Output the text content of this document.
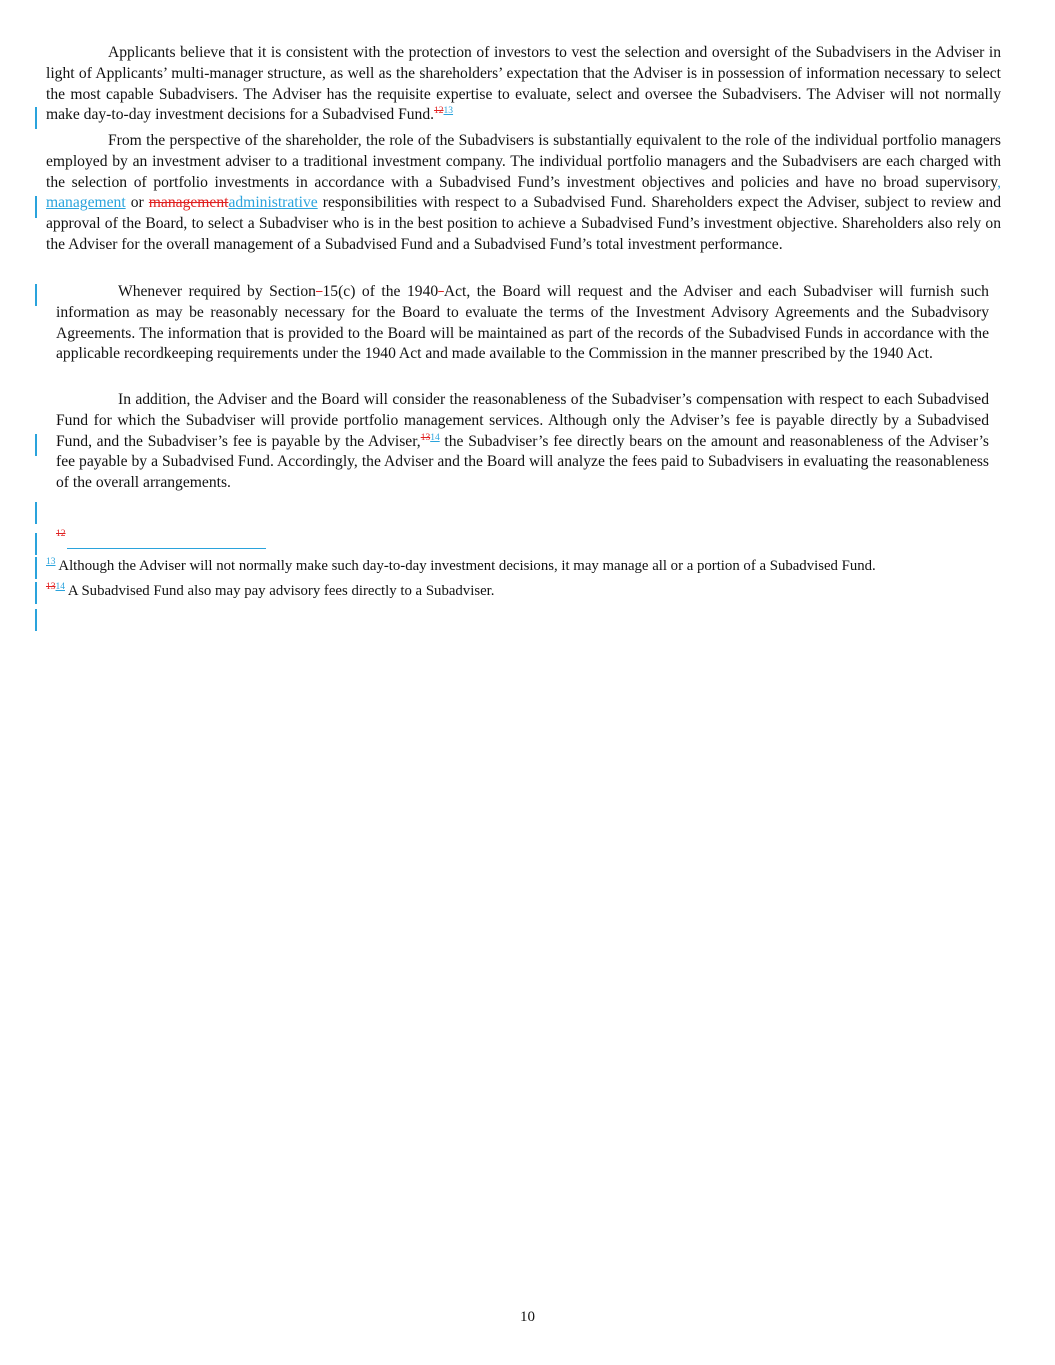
Applicants believe that it is consistent with the protection of investors to vest the selection and oversight of the Subadvisers in the Adviser in light of Applicants’ multi-manager structure, as well as the shareholders’ expectation that the Adviser is in possession of information necessary to select the most capable Subadvisers. The Adviser has the requisite expertise to evaluate, select and oversee the Subadvisers. The Adviser will not normally make day-to-day investment decisions for a Subadvised Fund.$^{1213}$
From the perspective of the shareholder, the role of the Subadvisers is substantially equivalent to the role of the individual portfolio managers employed by an investment adviser to a traditional investment company. The individual portfolio managers and the Subadvisers are each charged with the selection of portfolio investments in accordance with a Subadvised Fund’s investment objectives and policies and have no broad supervisory, management or managementadministrative responsibilities with respect to a Subadvised Fund. Shareholders expect the Adviser, subject to review and approval of the Board, to select a Subadviser who is in the best position to achieve a Subadvised Fund’s investment objective. Shareholders also rely on the Adviser for the overall management of a Subadvised Fund and a Subadvised Fund’s total investment performance.
Whenever required by Section 15(c) of the 1940 Act, the Board will request and the Adviser and each Subadviser will furnish such information as may be reasonably necessary for the Board to evaluate the terms of the Investment Advisory Agreements and the Subadvisory Agreements. The information that is provided to the Board will be maintained as part of the records of the Subadvised Funds in accordance with the applicable recordkeeping requirements under the 1940 Act and made available to the Commission in the manner prescribed by the 1940 Act.
In addition, the Adviser and the Board will consider the reasonableness of the Subadviser’s compensation with respect to each Subadvised Fund for which the Subadviser will provide portfolio management services. Although only the Adviser’s fee is payable directly by a Subadvised Fund, and the Subadviser’s fee is payable by the Adviser,$^{1314}$ the Subadviser’s fee directly bears on the amount and reasonableness of the Adviser’s fee payable by a Subadvised Fund. Accordingly, the Adviser and the Board will analyze the fees paid to Subadvisers in evaluating the reasonableness of the overall arrangements.
$^{12}$
$^{13}$ Although the Adviser will not normally make such day-to-day investment decisions, it may manage all or a portion of a Subadvised Fund.
$^{1314}$ A Subadvised Fund also may pay advisory fees directly to a Subadviser.
10
